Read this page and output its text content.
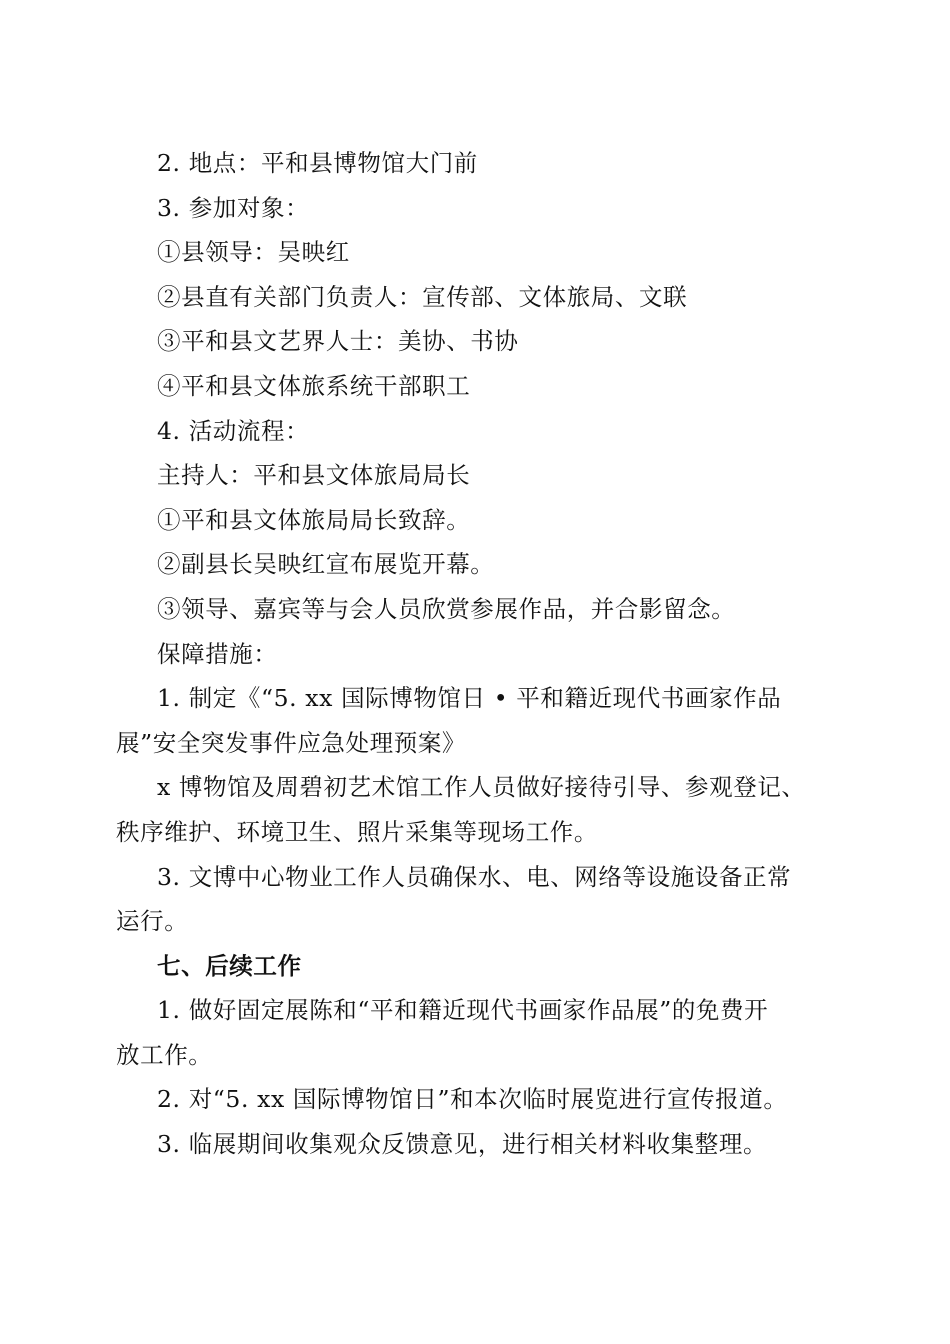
2. 地点：平和县博物馆大门前

3. 参加对象：

①县领导：吴映红

②县直有关部门负责人：宣传部、文体旅局、文联

③平和县文艺界人士：美协、书协

④平和县文体旅系统干部职工

4. 活动流程：

主持人：平和县文体旅局局长

①平和县文体旅局局长致辞。

②副县长吴映红宣布展览开幕。

③领导、嘉宾等与会人员欣赏参展作品，并合影留念。

保障措施：

1. 制定《“5. xx 国际博物馆日 • 平和籍近现代书画家作品

展”安全突发事件应急处理预案》

x 博物馆及周碧初艺术馆工作人员做好接待引导、参观登记、

秩序维护、环境卫生、照片采集等现场工作。

3. 文博中心物业工作人员确保水、电、网络等设施设备正常

运行。

七、后续工作

1. 做好固定展陈和“平和籍近现代书画家作品展”的免费开

放工作。

2. 对“5. xx 国际博物馆日”和本次临时展览进行宣传报道。

3. 临展期间收集观众反馈意见，进行相关材料收集整理。
